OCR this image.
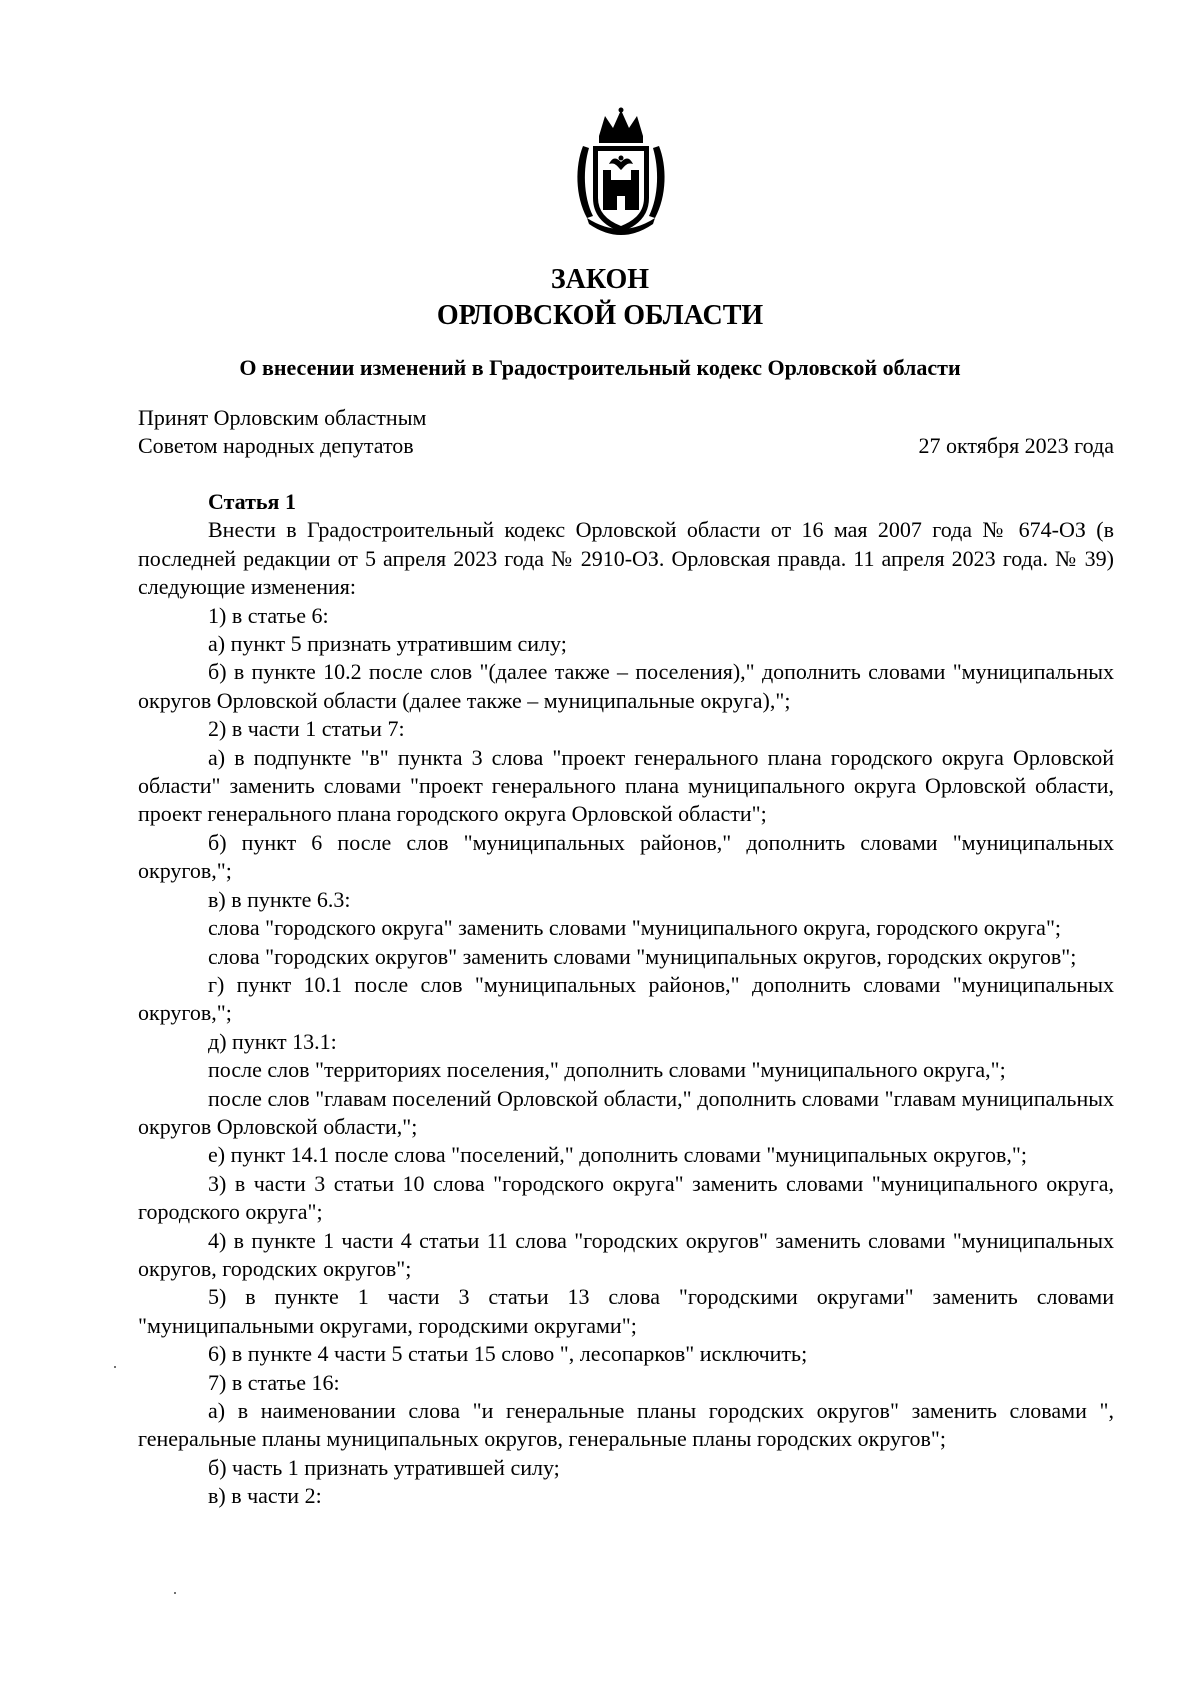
ЗАКОН
ОРЛОВСКОЙ ОБЛАСТИ
О внесении изменений в Градостроительный кодекс Орловской области
Принят Орловским областным
Советом народных депутатов	27 октября 2023 года

Статья 1

Внести в Градостроительный кодекс Орловской области от 16 мая 2007 года № 674-ОЗ (в последней редакции от 5 апреля 2023 года № 2910-ОЗ. Орловская правда. 11 апреля 2023 года. № 39) следующие изменения:

1) в статье 6:

а) пункт 5 признать утратившим силу;

б) в пункте 10.2 после слов "(далее также – поселения)," дополнить словами "муниципальных округов Орловской области (далее также – муниципальные округа),";

2) в части 1 статьи 7:

а) в подпункте "в" пункта 3 слова "проект генерального плана городского округа Орловской области" заменить словами "проект генерального плана муниципального округа Орловской области, проект генерального плана городского округа Орловской области";

б) пункт 6 после слов "муниципальных районов," дополнить словами "муниципальных округов,";

в) в пункте 6.3:

слова "городского округа" заменить словами "муниципального округа, городского округа";

слова "городских округов" заменить словами "муниципальных округов, городских округов";

г) пункт 10.1 после слов "муниципальных районов," дополнить словами "муниципальных округов,";

д) пункт 13.1:

после слов "территориях поселения," дополнить словами "муниципального округа,";

после слов "главам поселений Орловской области," дополнить словами "главам муниципальных округов Орловской области,";

е) пункт 14.1 после слова "поселений," дополнить словами "муниципальных округов,";

3) в части 3 статьи 10 слова "городского округа" заменить словами "муниципального округа, городского округа";

4) в пункте 1 части 4 статьи 11 слова "городских округов" заменить словами "муниципальных округов, городских округов";

5) в пункте 1 части 3 статьи 13 слова "городскими округами" заменить словами "муниципальными округами, городскими округами";

6) в пункте 4 части 5 статьи 15 слово ", лесопарков" исключить;

7) в статье 16:

а) в наименовании слова "и генеральные планы городских округов" заменить словами ", генеральные планы муниципальных округов, генеральные планы городских округов";

б) часть 1 признать утратившей силу;

в) в части 2:
